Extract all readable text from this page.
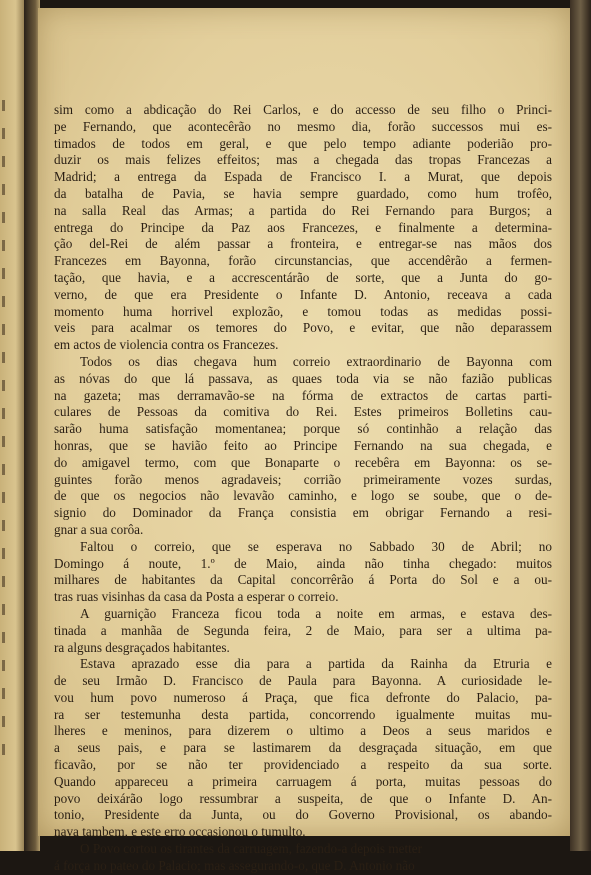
sim como a abdicação do Rei Carlos, e do accesso de seu filho o Princi-
pe Fernando, que acontecêrão no mesmo dia, forão successos mui es-
timados de todos em geral, e que pelo tempo adiante poderião pro-
duzir os mais felizes effeitos; mas a chegada das tropas Francezas a
Madrid; a entrega da Espada de Francisco I. a Murat, que depois
da batalha de Pavia, se havia sempre guardado, como hum trofêo,
na salla Real das Armas; a partida do Rei Fernando para Burgos; a
entrega do Principe da Paz aos Francezes, e finalmente a determina-
ção del-Rei de além passar a fronteira, e entregar-se nas mãos dos
Francezes em Bayonna, forão circunstancias, que accendêrão a fermen-
tação, que havia, e a accrescentárão de sorte, que a Junta do go-
verno, de que era Presidente o Infante D. Antonio, receava a cada
momento huma horrivel explozão, e tomou todas as medidas possi-
veis para acalmar os temores do Povo, e evitar, que não deparassem
em actos de violencia contra os Francezes.
Todos os dias chegava hum correio extraordinario de Bayonna com
as nóvas do que lá passava, as quaes toda via se não fazião publicas
na gazeta; mas derramavão-se na fórma de extractos de cartas parti-
culares de Pessoas da comitiva do Rei. Estes primeiros Bolletins cau-
sarão huma satisfação momentanea; porque só continhão a relação das
honras, que se havião feito ao Principe Fernando na sua chegada, e
do amigavel termo, com que Bonaparte o recebêra em Bayonna: os se-
guintes forão menos agradaveis; corrião primeiramente vozes surdas,
de que os negocios não levavão caminho, e logo se soube, que o de-
signio do Dominador da França consistia em obrigar Fernando a resi-
gnar a sua corôa.
Faltou o correio, que se esperava no Sabbado 30 de Abril; no
Domingo á noute, 1.º de Maio, ainda não tinha chegado: muitos
milhares de habitantes da Capital concorrêrão á Porta do Sol e a ou-
tras ruas visinhas da casa da Posta a esperar o correio.
A guarnição Franceza ficou toda a noite em armas, e estava des-
tinada a manhãa de Segunda feira, 2 de Maio, para ser a ultima pa-
ra alguns desgraçados habitantes.
Estava aprazado esse dia para a partida da Rainha da Etruria e
de seu Irmão D. Francisco de Paula para Bayonna. A curiosidade le-
vou hum povo numeroso á Praça, que fica defronte do Palacio, pa-
ra ser testemunha desta partida, concorrendo igualmente muitas mu-
lheres e meninos, para dizerem o ultimo a Deos a seus maridos e
a seus pais, e para se lastimarem da desgraçada situação, em que
ficavão, por se não ter providenciado a respeito da sua sorte.
Quando appareceu a primeira carruagem á porta, muitas pessoas do
povo deixárão logo ressumbrar a suspeita, de que o Infante D. An-
tonio, Presidente da Junta, ou do Governo Provisional, os abando-
nava tambem, e este erro occasionou o tumulto.
O Povo cortou os tirantes da carruagem, fazendo-a depois metter
á força no pateo do Palacio; mas assegurando-o, que D. Antonio não
